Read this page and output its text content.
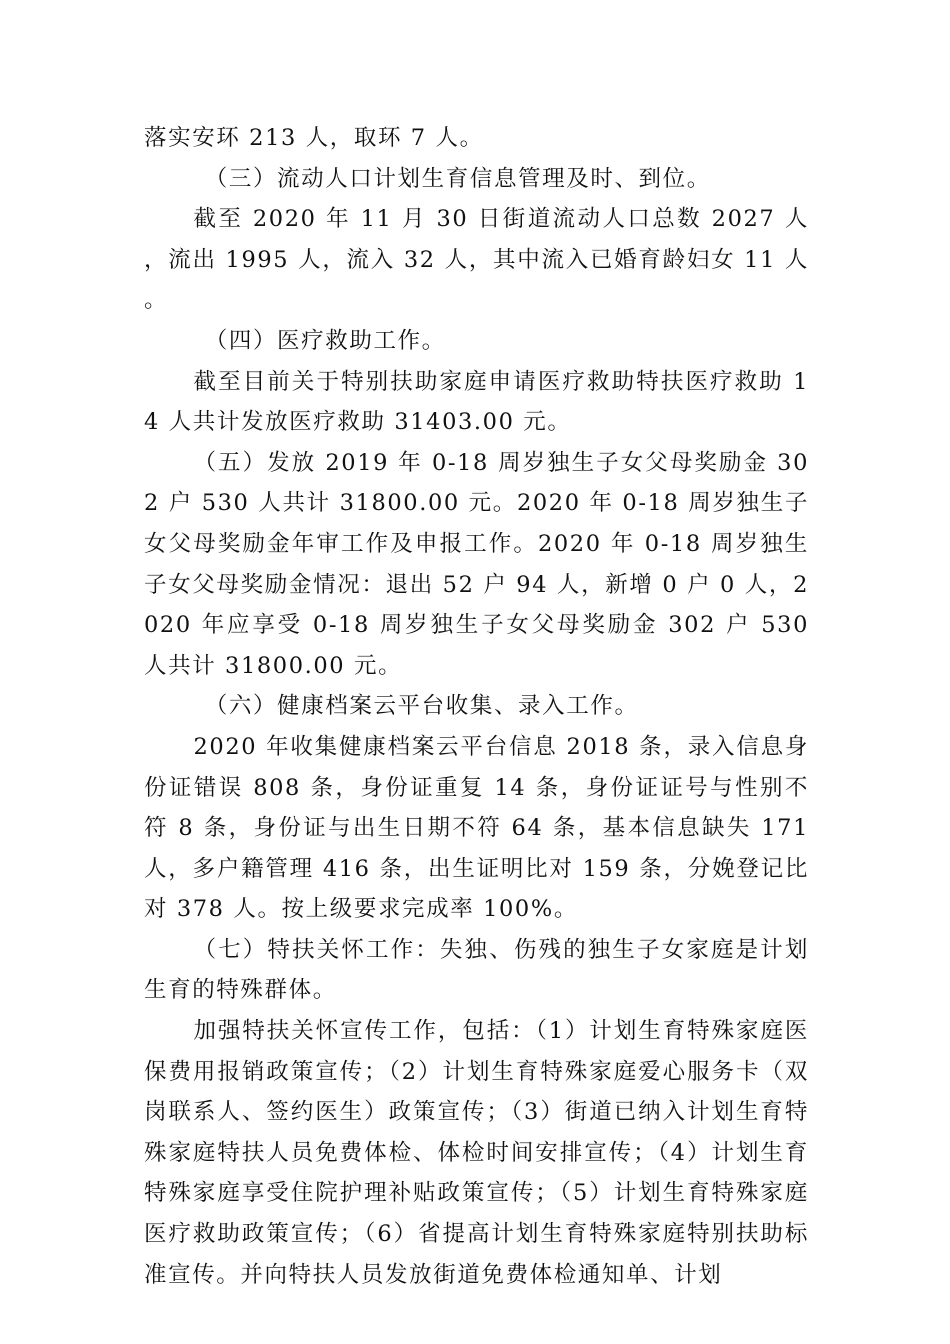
落实安环 213 人，取环 7 人。

（三）流动人口计划生育信息管理及时、到位。

截至 2020 年 11 月 30 日街道流动人口总数 2027 人，流出 1995 人，流入 32 人，其中流入已婚育龄妇女 11 人。

（四）医疗救助工作。

截至目前关于特别扶助家庭申请医疗救助特扶医疗救助 14 人共计发放医疗救助 31403.00 元。

（五）发放 2019 年 0-18 周岁独生子女父母奖励金 302 户 530 人共计 31800.00 元。2020 年 0-18 周岁独生子女父母奖励金年审工作及申报工作。2020 年 0-18 周岁独生子女父母奖励金情况：退出 52 户 94 人，新增 0 户 0 人，2020 年应享受 0-18 周岁独生子女父母奖励金 302 户 530 人共计 31800.00 元。

（六）健康档案云平台收集、录入工作。

2020 年收集健康档案云平台信息 2018 条，录入信息身份证错误 808 条，身份证重复 14 条，身份证证号与性别不符 8 条，身份证与出生日期不符 64 条，基本信息缺失 171 人，多户籍管理 416 条，出生证明比对 159 条，分娩登记比对 378 人。按上级要求完成率 100%。

（七）特扶关怀工作：失独、伤残的独生子女家庭是计划生育的特殊群体。

加强特扶关怀宣传工作，包括：（1）计划生育特殊家庭医保费用报销政策宣传；（2）计划生育特殊家庭爱心服务卡（双岗联系人、签约医生）政策宣传；（3）街道已纳入计划生育特殊家庭特扶人员免费体检、体检时间安排宣传；（4）计划生育特殊家庭享受住院护理补贴政策宣传；（5）计划生育特殊家庭医疗救助政策宣传；（6）省提高计划生育特殊家庭特别扶助标准宣传。并向特扶人员发放街道免费体检通知单、计划
